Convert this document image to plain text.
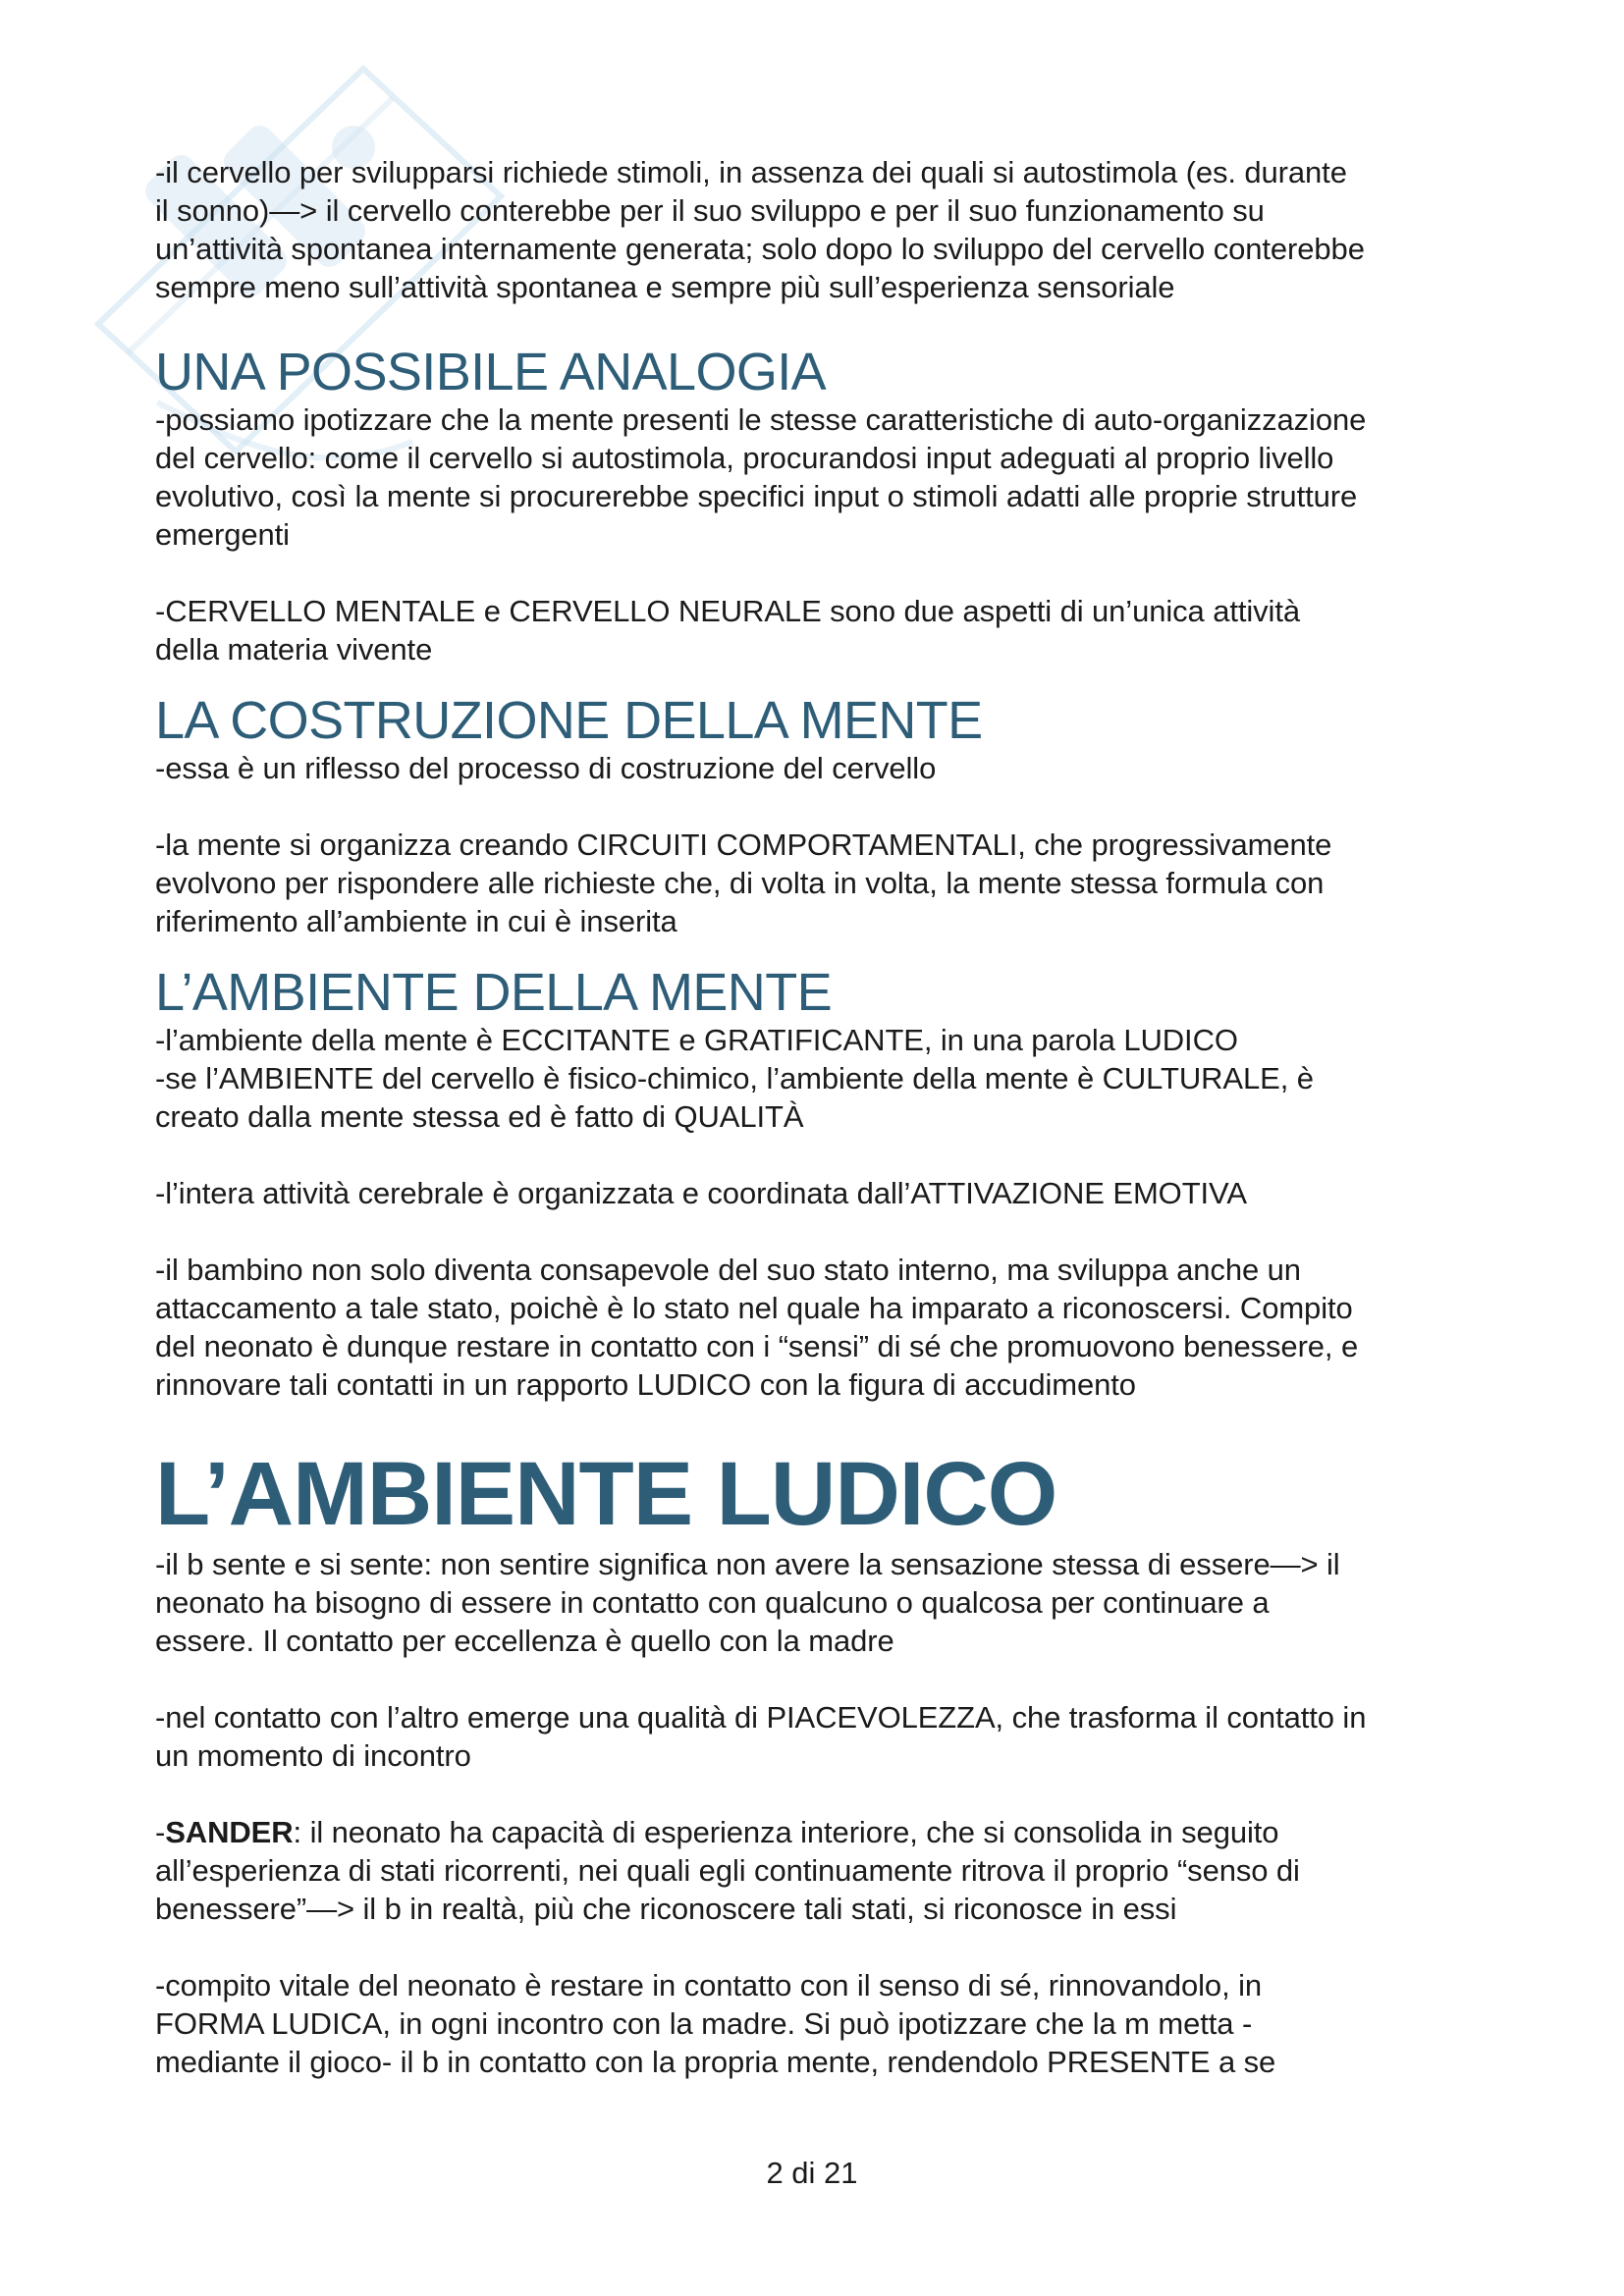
-il cervello per svilupparsi richiede stimoli, in assenza dei quali si autostimola (es. durante
il sonno)—> il cervello conterebbe per il suo sviluppo e per il suo funzionamento su
un’attività spontanea internamente generata; solo dopo lo sviluppo del cervello conterebbe
sempre meno sull’attività spontanea e sempre più sull’esperienza sensoriale

UNA POSSIBILE ANALOGIA

-possiamo ipotizzare che la mente presenti le stesse caratteristiche di auto-organizzazione
del cervello: come il cervello si autostimola, procurandosi input adeguati al proprio livello
evolutivo, così la mente si procurerebbe specifici input o stimoli adatti alle proprie strutture
emergenti

-CERVELLO MENTALE e CERVELLO NEURALE sono due aspetti di un’unica attività
della materia vivente

LA COSTRUZIONE DELLA MENTE

-essa è un riflesso del processo di costruzione del cervello

-la mente si organizza creando CIRCUITI COMPORTAMENTALI, che progressivamente
evolvono per rispondere alle richieste che, di volta in volta, la mente stessa formula con
riferimento all’ambiente in cui è inserita

L’AMBIENTE DELLA MENTE

-l’ambiente della mente è ECCITANTE e GRATIFICANTE, in una parola LUDICO
-se l’AMBIENTE del cervello è fisico-chimico, l’ambiente della mente è CULTURALE, è
creato dalla mente stessa ed è fatto di QUALITÀ

-l’intera attività cerebrale è organizzata e coordinata dall’ATTIVAZIONE EMOTIVA

-il bambino non solo diventa consapevole del suo stato interno, ma sviluppa anche un
attaccamento a tale stato, poichè è lo stato nel quale ha imparato a riconoscersi. Compito
del neonato è dunque restare in contatto con i “sensi” di sé che promuovono benessere, e
rinnovare tali contatti in un rapporto LUDICO con la figura di accudimento

L’AMBIENTE LUDICO

-il b sente e si sente: non sentire significa non avere la sensazione stessa di essere—> il
neonato ha bisogno di essere in contatto con qualcuno o qualcosa per continuare a
essere. Il contatto per eccellenza è quello con la madre

-nel contatto con l’altro emerge una qualità di PIACEVOLEZZA, che trasforma il contatto in
un momento di incontro

-SANDER: il neonato ha capacità di esperienza interiore, che si consolida in seguito
all’esperienza di stati ricorrenti, nei quali egli continuamente ritrova il proprio “senso di
benessere”—> il b in realtà, più che riconoscere tali stati, si riconosce in essi

-compito vitale del neonato è restare in contatto con il senso di sé, rinnovandolo, in
FORMA LUDICA, in ogni incontro con la madre. Si può ipotizzare che la m metta -
mediante il gioco- il b in contatto con la propria mente, rendendolo PRESENTE a se

2 di 21
